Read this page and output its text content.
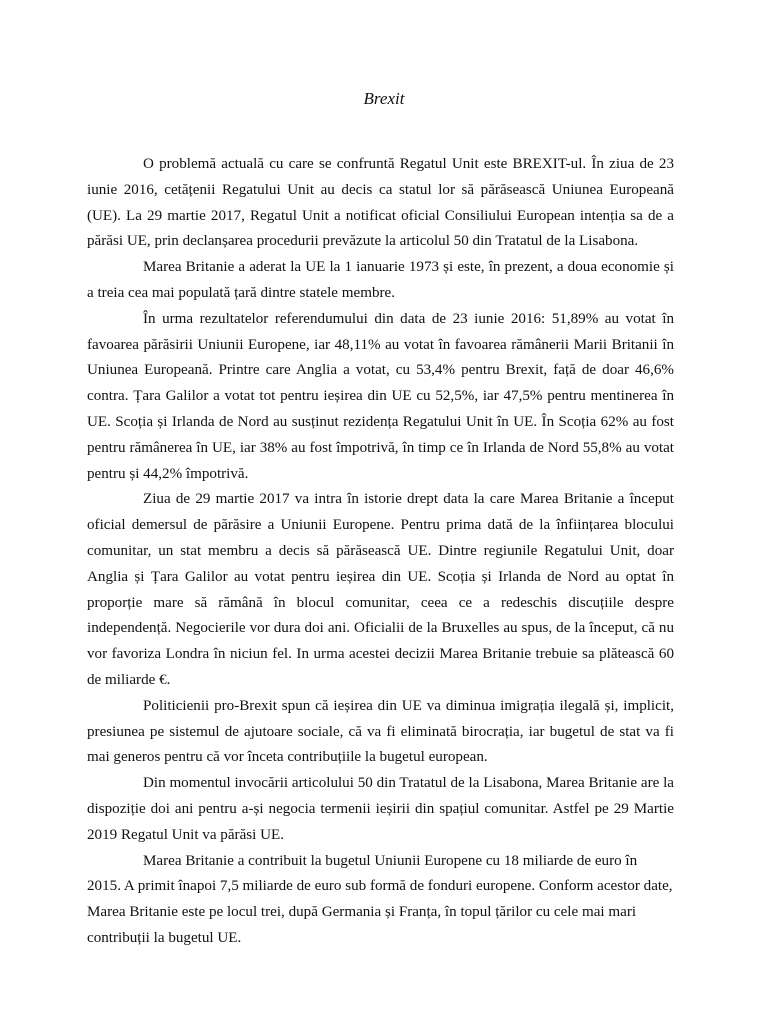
Brexit

O problemă actuală cu care se confruntă Regatul Unit este BREXIT-ul. În ziua de 23 iunie 2016, cetățenii Regatului Unit au decis ca statul lor să părăsească Uniunea Europeană (UE). La 29 martie 2017, Regatul Unit a notificat oficial Consiliului European intenția sa de a părăsi UE, prin declanșarea procedurii prevăzute la articolul 50 din Tratatul de la Lisabona.

Marea Britanie a aderat la UE la 1 ianuarie 1973 și este, în prezent, a doua economie și a treia cea mai populată țară dintre statele membre.

În urma rezultatelor referendumului din data de 23 iunie 2016: 51,89% au votat în favoarea părăsirii Uniunii Europene, iar 48,11% au votat în favoarea rămânerii Marii Britanii în Uniunea Europeană. Printre care Anglia a votat, cu 53,4% pentru Brexit, față de doar 46,6% contra. Țara Galilor a votat tot pentru ieșirea din UE cu 52,5%, iar 47,5% pentru mentinerea în UE. Scoția și Irlanda de Nord au susținut rezidența Regatului Unit în UE. În Scoția 62% au fost pentru rămânerea în UE, iar 38% au fost împotrivă, în timp ce în Irlanda de Nord 55,8% au votat pentru și 44,2% împotrivă.

Ziua de 29 martie 2017 va intra în istorie drept data la care Marea Britanie a început oficial demersul de părăsire a Uniunii Europene. Pentru prima dată de la înființarea blocului comunitar, un stat membru a decis să părăsească UE. Dintre regiunile Regatului Unit, doar Anglia și Țara Galilor au votat pentru ieșirea din UE. Scoția și Irlanda de Nord au optat în proporție mare să rămână în blocul comunitar, ceea ce a redeschis discuțiile despre independență. Negocierile vor dura doi ani. Oficialii de la Bruxelles au spus, de la început, că nu vor favoriza Londra în niciun fel. In urma acestei decizii Marea Britanie trebuie sa plătească 60 de miliarde €.

Politicienii pro-Brexit spun că ieșirea din UE va diminua imigrația ilegală și, implicit, presiunea pe sistemul de ajutoare sociale, că va fi eliminată birocrația, iar bugetul de stat va fi mai generos pentru că vor înceta contribuțiile la bugetul european.

Din momentul invocării articolului 50 din Tratatul de la Lisabona, Marea Britanie are la dispoziție doi ani pentru a-și negocia termenii ieșirii din spațiul comunitar. Astfel pe 29 Martie 2019 Regatul Unit va părăsi UE.

Marea Britanie a contribuit la bugetul Uniunii Europene cu 18 miliarde de euro în 2015. A primit înapoi 7,5 miliarde de euro sub formă de fonduri europene. Conform acestor date, Marea Britanie este pe locul trei, după Germania și Franța, în topul țărilor cu cele mai mari contribuții la bugetul UE.
